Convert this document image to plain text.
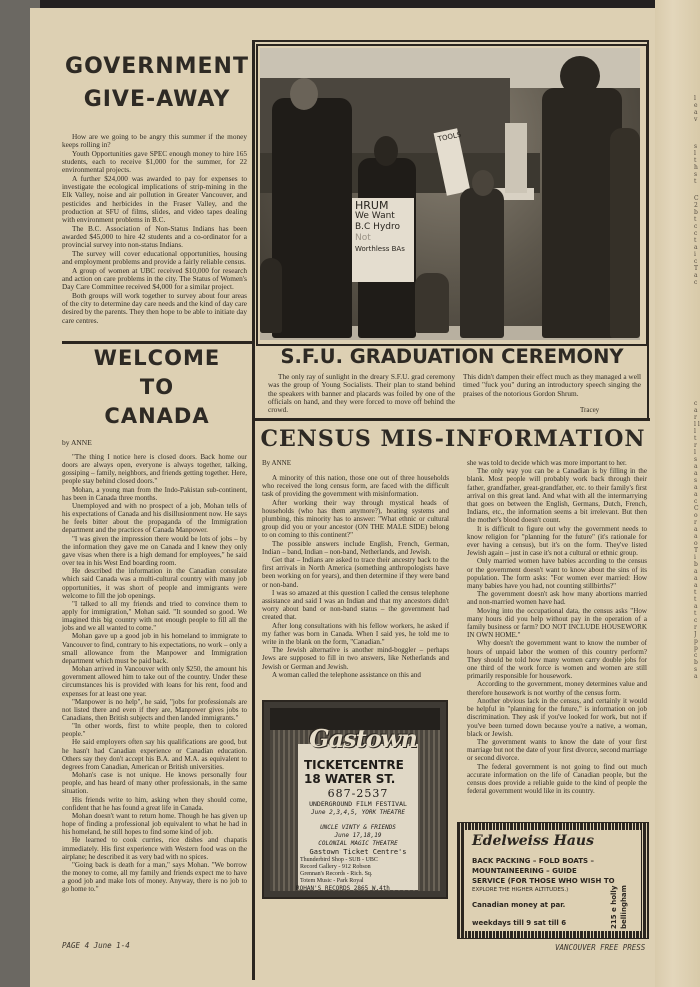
GOVERNMENT
GIVE-AWAY

How are we going to be angry this summer if the money keeps rolling in?

Youth Opportunities gave SPEC enough money to hire 165 students, each to receive $1,000 for the summer, for 22 environmental projects.

A further $24,000 was awarded to pay for expenses to investigate the ecological implications of strip-mining in the Elk Valley, noise and air pollution in Greater Vancouver, and pesticides and herbicides in the Fraser Valley, and the production at SFU of films, slides, and video tapes dealing with environment problems in B.C.

The B.C. Association of Non-Status Indians has been awarded $45,000 to hire 42 students and a co-ordinator for a provincial survey into non-status Indians.

The survey will cover educational opportunities, housing and employment problems and provide a fairly reliable census.

A group of women at UBC received $10,000 for research and action on care problems in the city. The Status of Women's Day Care Committee received $4,000 for a similar project.

Both groups will work together to survey about four areas of the city to determine day care needs and the kind of day care desired by the parents. They then hope to be able to initiate day care centres.

WELCOME
TO
CANADA
by ANNE

"The thing I notice here is closed doors. Back home our doors are always open, everyone is always together, talking, gossiping – family, neighbors, and friends getting together. Here, people stay behind closed doors."

Mohan, a young man from the Indo-Pakistan sub-continent, has been in Canada three months.

Unemployed and with no prospect of a job, Mohan tells of his expectations of Canada and his disillusionment now. He says he feels bitter about the propaganda of the Immigration department and the practices of Canada Manpower.

"I was given the impression there would be lots of jobs – by the information they gave me on Canada and I knew they only gave visas when there is a high demand for employees," he said over tea in his West End boarding room.

He described the information in the Canadian consulate which said Canada was a multi-cultural country with many job opportunities, it was short of people and immigrants were welcome to fill the job openings.

"I talked to all my friends and tried to convince them to apply for immigration," Mohan said. "It sounded so good. We imagined this big country with not enough people to fill all the jobs and we all wanted to come."

Mohan gave up a good job in his homeland to immigrate to Vancouver to find, contrary to his expectations, no work – only a small allowance from the Manpower and Immigration department which must be paid back.

Mohan arrived in Vancouver with only $250, the amount his government allowed him to take out of the country. Under these circumstances his is provided with loans for his rent, food and expenses for at least one year.

"Manpower is no help", he said, "jobs for professionals are not listed there and even if they are, Manpower gives jobs to Canadians, then British subjects and then landed immigrants."

"In other words, first to white people, then to colored people."

He said employers often say his qualifications are good, but he hasn't had Canadian experience or Canadian education. Others say they don't accept his B.A. and M.A. as equivalent to degrees from Canadian, American or British universities.

Mohan's case is not unique. He knows personally four people, and has heard of many other professionals, in the same situation.

His friends write to him, asking when they should come, confident that he has found a great life in Canada.

Mohan doesn't want to return home. Though he has given up hope of finding a professional job equivalent to what he had in his homeland, he still hopes to find some kind of job.

He learned to cook curries, rice dishes and chapatis immediately. His first experience with Western food was on the airplane; he described it as very bad with no spices.

"Going back is death for a man," says Mohan. "We borrow the money to come, all my family and friends expect me to have a good job and make lots of money. Anyway, there is no job to go home to."

PAGE 4 June 1-4
HRUM
We Want
B.C Hydro
Not
Worthless BAs
TOOLS
S.F.U. GRADUATION CEREMONY
The only ray of sunlight in the dreary S.F.U. grad ceremony was the group of Young Socialists. Their plan to stand behind the speakers with banner and placards was foiled by one of the officials on hand, and they were forced to move off behind the crowd.
This didn't dampen their effect much as they managed a well timed "fuck you" during an introductory speech singing the praises of the notorious Gordon Shrum.
Tracey
CENSUS MIS-INFORMATION
By ANNE

A minority of this nation, those one out of three households who received the long census form, are faced with the difficult task of providing the government with misinformation.

After working their way through mystical heads of households (who has them anymore?), heating systems and plumbing, this minority has to answer: "What ethnic or cultural group did you or your ancestor (ON THE MALE SIDE) belong to on coming to this continent?"

The possible answers include English, French, German, Indian – band, Indian – non-band, Netherlands, and Jewish.

Get that – Indians are asked to trace their ancestry back to the first arrivals in North America (something anthropologists have been working on for years), and then determine if they were band or non-band.

I was so amazed at this question I called the census telephone assistance and said I was an Indian and that my ancestors didn't worry about band or non-band status – the government had created that.

After long consultations with his fellow workers, he asked if my father was born in Canada. When I said yes, he told me to write in the blank on the form, "Canadian."

The Jewish alternative is another mind-boggler – perhaps Jews are supposed to fill in two answers, like Netherlands and Jewish or German and Jewish.

A woman called the telephone assistance on this and

she was told to decide which was more important to her.

The only way you can be a Canadian is by filling in the blank. Most people will probably work back through their father, grandfather, great-grandfather, etc. to their family's first arrival on this great land. And what with all the intermarrying that goes on between the English, Germans, Dutch, French, Indians, etc., the information seems a bit irrelevant. But then the mother's blood doesn't count.

It is difficult to figure out why the government needs to know religion for "planning for the future" (it's rationale for ever having a census), but it's on the form. They've listed Jewish again – just in case it's not a cultural or ethnic group.

Only married women have babies according to the census or the government doesn't want to know about the sins of its population. The form asks: "For women ever married: How many babies have you had, not counting stillbirths?"

The government doesn't ask how many abortions married and non-married women have had.

Moving into the occupational data, the census asks "How many hours did you help without pay in the operation of a family business or farm? DO NOT INCLUDE HOUSEWORK IN OWN HOME."

Why doesn't the government want to know the number of hours of unpaid labor the women of this country perform? They should be told how many women carry double jobs for one third of the work force is women and women are still primarily responsible for housework.

According to the government, money determines value and therefore housework is not worthy of the census form.

Another obvious lack in the census, and certainly it would be helpful in "planning for the future," is information on job discrimination. They ask if you've looked for work, but not if you've been turned down because you're a native, a woman, black or Jewish.

The government wants to know the date of your first marriage but not the date of your first divorce, second marriage or second divorce.

The federal government is not going to find out much accurate information on the life of Canadian people, but the census does provide a reliable guide to the kind of people the federal government would like in its country.

Gastown
TICKETCENTRE
18 WATER ST.
687-2537
UNDERGROUND FILM FESTIVAL
June 2,3,4,5, YORK THEATRE
UNCLE VINTY & FRIENDS
June 17,18,19
COLONIAL MAGIC THEATRE
Gastown Ticket Centre's
Thunderbird Shop - SUB - UBC
Record Gallery - 912 Robson
Grennan's Records - Rich. Sq.
Totem Music - Park Royal
ROHAN'S RECORDS 2865 W.4th
Edelweiss Haus
BACK PACKING – FOLD BOATS –
MOUNTAINEERING – GUIDE
SERVICE (FOR THOSE WHO WISH TO
EXPLORE THE HIGHER ALTITUDES.)
Canadian money at par.
weekdays till 9 sat till 6	215 e holly bellingham
VANCOUVER FREE PRESS
l e a v
s l t h s t
C 2 b t c c t a i c T a c
c a r l l l t r l s a a s a a c C o r a a o T i b a a a t t a t c r J p p c b s a
